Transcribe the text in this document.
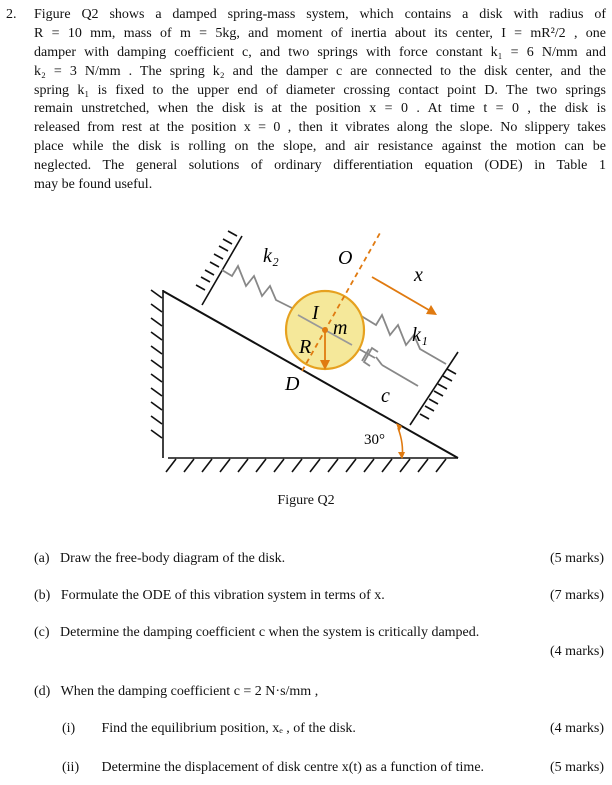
2. Figure Q2 shows a damped spring-mass system, which contains a disk with radius of
R = 10 mm, mass of m = 5kg, and moment of inertia about its center, I = mR²/2 , one
damper with damping coefficient c, and two springs with force constant k₁ = 6 N/mm and
k₂ = 3 N/mm . The spring k₂ and the damper c are connected to the disk center, and the
spring k₁ is fixed to the upper end of diameter crossing contact point D. The two springs
remain unstretched, when the disk is at the position x = 0 . At time t = 0 , the disk is
released from rest at the position x = 0 , then it vibrates along the slope. No slippery takes
place while the disk is rolling on the slope, and air resistance against the motion can be
neglected. The general solutions of ordinary differentiation equation (ODE) in Table 1
may be found useful.
k₂	O
x
I
m	k₁
R
D
c
30°
Figure Q2
(a) Draw the free-body diagram of the disk.	(5 marks)
(b) Formulate the ODE of this vibration system in terms of x.	(7 marks)
(c) Determine the damping coefficient c when the system is critically damped.
(4 marks)
(d) When the damping coefficient c = 2 N·s/mm ,
(i) Find the equilibrium position, xₑ , of the disk.	(4 marks)
(ii) Determine the displacement of disk centre x(t) as a function of time.	(5 marks)
